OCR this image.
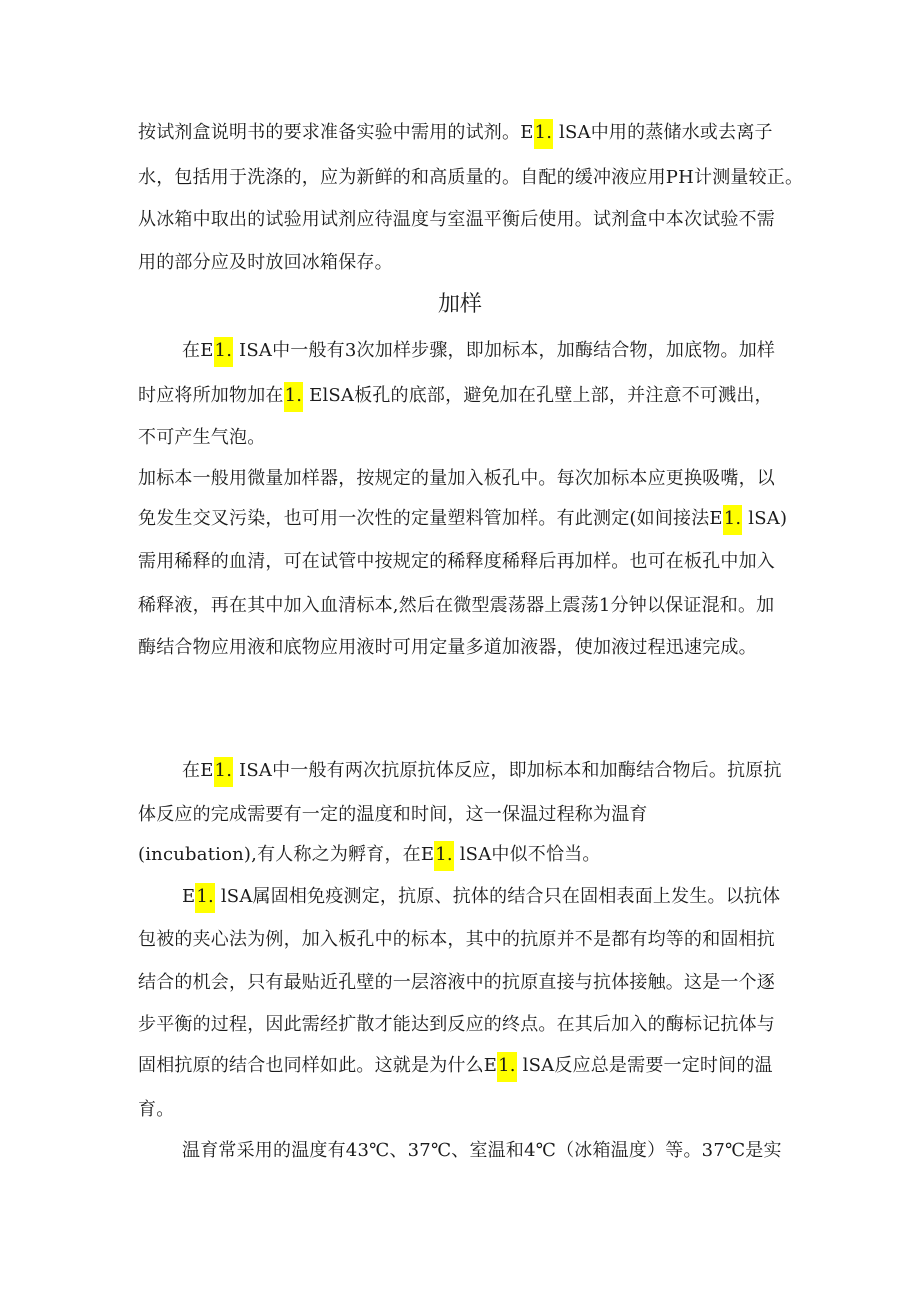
按试剂盒说明书的要求准备实验中需用的试剂。E1. lSA中用的蒸储水或去离子
水，包括用于洗涤的，应为新鲜的和高质量的。自配的缓冲液应用PH计测量较正。
从冰箱中取出的试验用试剂应待温度与室温平衡后使用。试剂盒中本次试验不需
用的部分应及时放回冰箱保存。
加样
在E1. ISA中一般有3次加样步骤，即加标本，加酶结合物，加底物。加样
时应将所加物加在1. ElSA板孔的底部，避免加在孔壁上部，并注意不可溅出，
不可产生气泡。
加标本一般用微量加样器，按规定的量加入板孔中。每次加标本应更换吸嘴，以
免发生交叉污染，也可用一次性的定量塑料管加样。有此测定(如间接法E1. lSA)
需用稀释的血清，可在试管中按规定的稀释度稀释后再加样。也可在板孔中加入
稀释液，再在其中加入血清标本,然后在微型震荡器上震荡1分钟以保证混和。加
酶结合物应用液和底物应用液时可用定量多道加液器，使加液过程迅速完成。
在E1. ISA中一般有两次抗原抗体反应，即加标本和加酶结合物后。抗原抗
体反应的完成需要有一定的温度和时间，这一保温过程称为温育
(incubation),有人称之为孵育，在E1. lSA中似不恰当。
E1. lSA属固相免疫测定，抗原、抗体的结合只在固相表面上发生。以抗体
包被的夹心法为例，加入板孔中的标本，其中的抗原并不是都有均等的和固相抗
结合的机会，只有最贴近孔壁的一层溶液中的抗原直接与抗体接触。这是一个逐
步平衡的过程，因此需经扩散才能达到反应的终点。在其后加入的酶标记抗体与
固相抗原的结合也同样如此。这就是为什么E1. lSA反应总是需要一定时间的温
育。
温育常采用的温度有43℃、37℃、室温和4℃（冰箱温度）等。37℃是实
